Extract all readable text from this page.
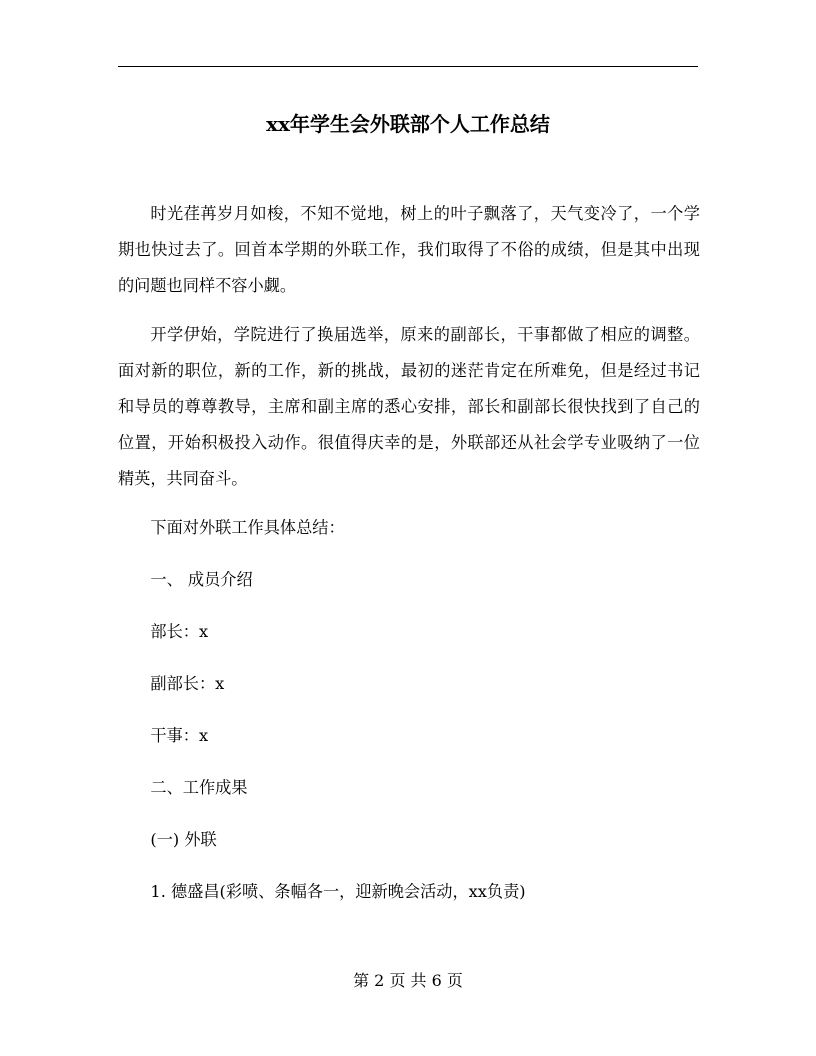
xx年学生会外联部个人工作总结

时光荏苒岁月如梭，不知不觉地，树上的叶子飘落了，天气变冷了，一个学期也快过去了。回首本学期的外联工作，我们取得了不俗的成绩，但是其中出现的问题也同样不容小觑。

开学伊始，学院进行了换届选举，原来的副部长，干事都做了相应的调整。面对新的职位，新的工作，新的挑战，最初的迷茫肯定在所难免，但是经过书记和导员的尊尊教导，主席和副主席的悉心安排，部长和副部长很快找到了自己的位置，开始积极投入动作。很值得庆幸的是，外联部还从社会学专业吸纳了一位精英，共同奋斗。

下面对外联工作具体总结：

一、 成员介绍

部长：x

副部长：x

干事：x

二、工作成果

(一) 外联

1. 德盛昌(彩喷、条幅各一，迎新晚会活动，xx负责)

第 2 页 共 6 页
